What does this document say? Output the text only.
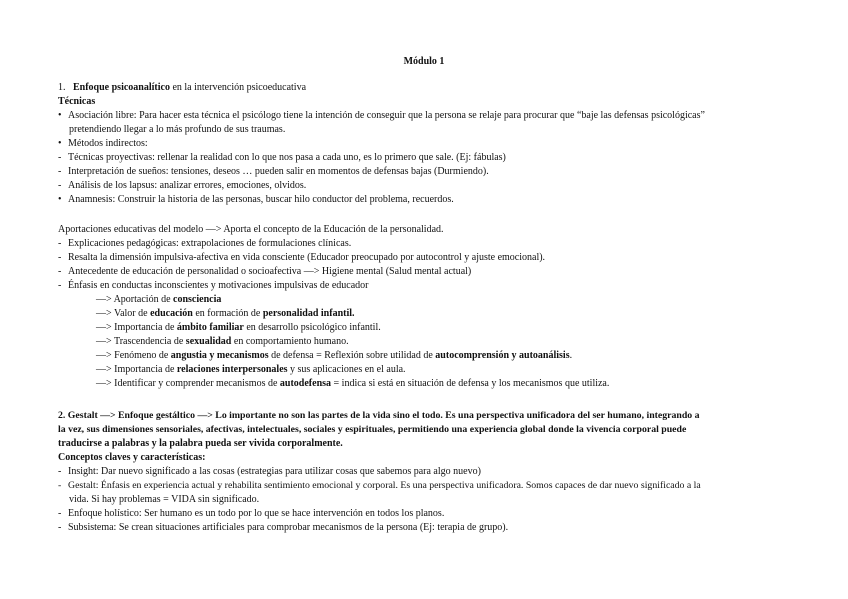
Módulo 1
1. Enfoque psicoanalítico en la intervención psicoeducativa
Técnicas
• Asociación libre: Para hacer esta técnica el psicólogo tiene la intención de conseguir que la persona se relaje para procurar que “baje las defensas psicológicas”
pretendiendo llegar a lo más profundo de sus traumas.
• Métodos indirectos:
- Técnicas proyectivas: rellenar la realidad con lo que nos pasa a cada uno, es lo primero que sale. (Ej: fábulas)
- Interpretación de sueños: tensiones, deseos … pueden salir en momentos de defensas bajas (Durmiendo).
- Análisis de los lapsus: analizar errores, emociones, olvidos.
• Anamnesis: Construir la historia de las personas, buscar hilo conductor del problema, recuerdos.
Aportaciones educativas del modelo —> Aporta el concepto de la Educación de la personalidad.
- Explicaciones pedagógicas: extrapolaciones de formulaciones clínicas.
- Resalta la dimensión impulsiva-afectiva en vida consciente (Educador preocupado por autocontrol y ajuste emocional).
- Antecedente de educación de personalidad o socioafectiva —> Higiene mental (Salud mental actual)
- Énfasis en conductas inconscientes y motivaciones impulsivas de educador
—> Aportación de consciencia
—> Valor de educación en formación de personalidad infantil.
—> Importancia de ámbito familiar en desarrollo psicológico infantil.
—> Trascendencia de sexualidad en comportamiento humano.
—> Fenómeno de angustia y mecanismos de defensa = Reflexión sobre utilidad de autocomprensión y autoanálisis.
—> Importancia de relaciones interpersonales y sus aplicaciones en el aula.
—> Identificar y comprender mecanismos de autodefensa = indica si está en situación de defensa y los mecanismos que utiliza.
2. Gestalt —> Enfoque gestáltico —> Lo importante no son las partes de la vida sino el todo. Es una perspectiva unificadora del ser humano, integrando a
la vez, sus dimensiones sensoriales, afectivas, intelectuales, sociales y espirituales, permitiendo una experiencia global donde la vivencia corporal puede
traducirse a palabras y la palabra pueda ser vivida corporalmente.
Conceptos claves y características:
- Insight: Dar nuevo significado a las cosas (estrategias para utilizar cosas que sabemos para algo nuevo)
- Gestalt: Énfasis en experiencia actual y rehabilita sentimiento emocional y corporal. Es una perspectiva unificadora. Somos capaces de dar nuevo significado a la
vida. Si hay problemas = VIDA sin significado.
- Enfoque holístico: Ser humano es un todo por lo que se hace intervención en todos los planos.
- Subsistema: Se crean situaciones artificiales para comprobar mecanismos de la persona (Ej: terapia de grupo).
